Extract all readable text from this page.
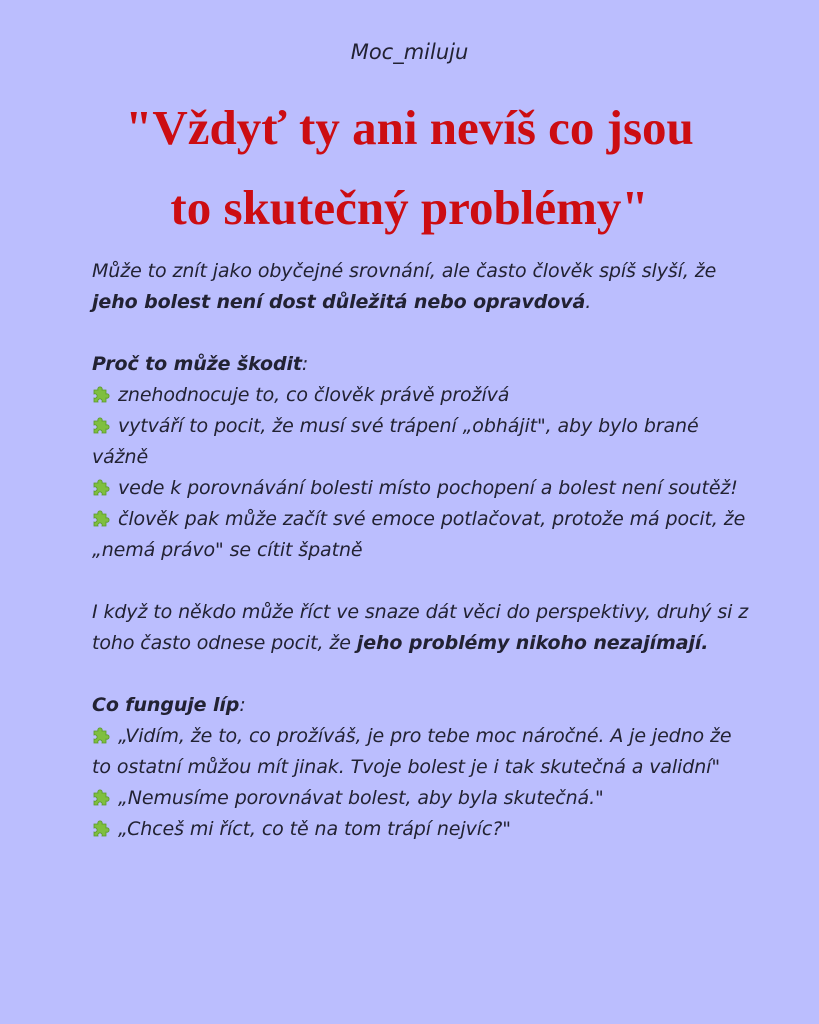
Moc_miluju
"Vždyť ty ani nevíš co jsou
to skutečný problémy"

Může to znít jako obyčejné srovnání, ale často člověk spíš slyší, že jeho bolest není dost důležitá nebo opravdová.

Proč to může škodit:

znehodnocuje to, co člověk právě prožívá

vytváří to pocit, že musí své trápení „obhájit", aby bylo brané vážně

vede k porovnávání bolesti místo pochopení a bolest není soutěž!

člověk pak může začít své emoce potlačovat, protože má pocit, že „nemá právo" se cítit špatně

I když to někdo může říct ve snaze dát věci do perspektivy, druhý si z toho často odnese pocit, že jeho problémy nikoho nezajímají.

Co funguje líp:

„Vidím, že to, co prožíváš, je pro tebe moc náročné. A je jedno že to ostatní můžou mít jinak. Tvoje bolest je i tak skutečná a validní"

„Nemusíme porovnávat bolest, aby byla skutečná."

„Chceš mi říct, co tě na tom trápí nejvíc?"
